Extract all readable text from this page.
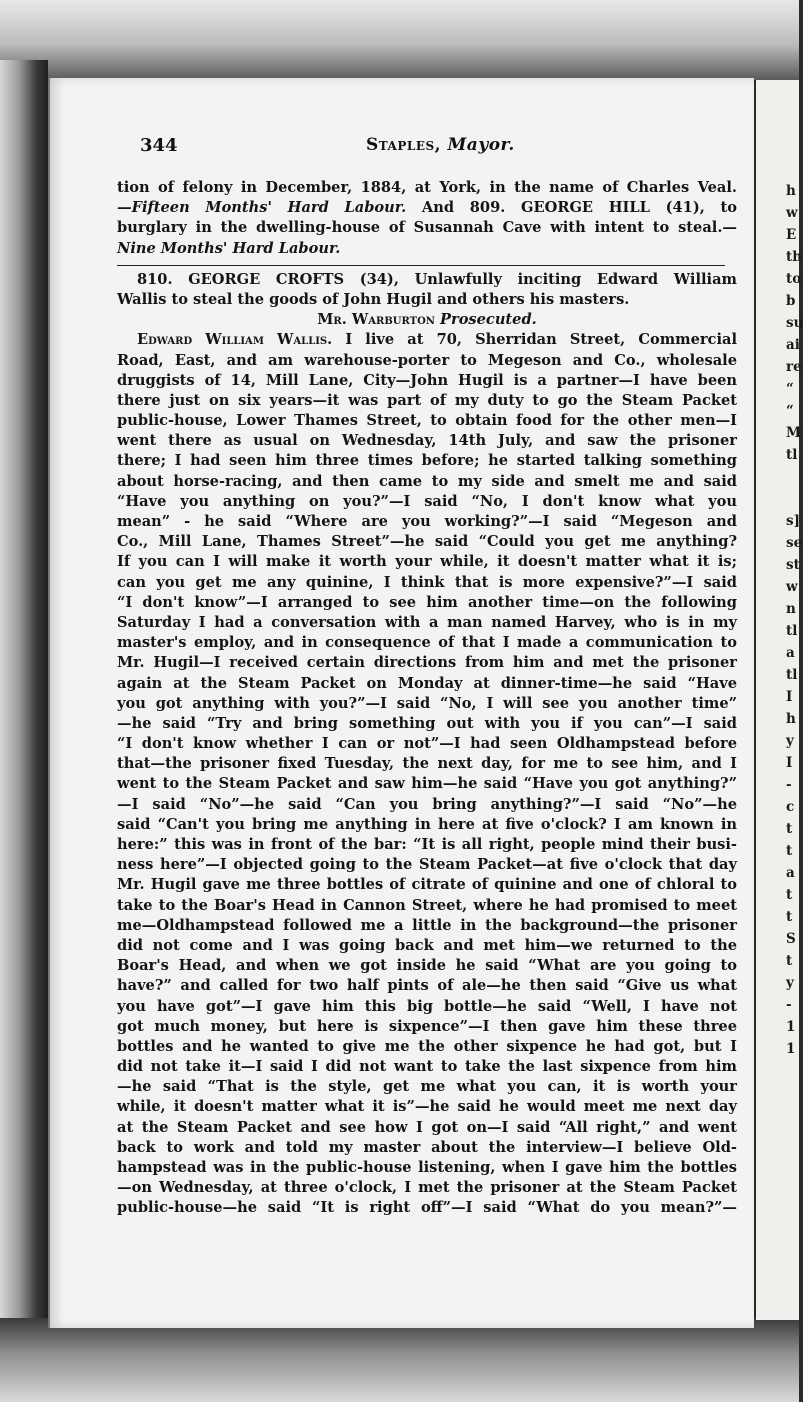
h
w
E
th
to
b
su
ai
re
“
“
M
tl
s]
se
st
w
n
tl
a
tl
I
h
y
I
-
c
t
t
a
t
t
S
t
y
-
1
1
344	Staples, Mayor.
tion of felony in December, 1884, at York, in the name of Charles Veal.
—Fifteen Months' Hard Labour. And 809. GEORGE HILL (41), to
burglary in the dwelling-house of Susannah Cave with intent to steal.—
Nine Months' Hard Labour.
810. GEORGE CROFTS (34), Unlawfully inciting Edward William
Wallis to steal the goods of John Hugil and others his masters.
Mr. Warburton Prosecuted.
Edward William Wallis. I live at 70, Sherridan Street, Commercial
Road, East, and am warehouse-porter to Megeson and Co., wholesale
druggists of 14, Mill Lane, City—John Hugil is a partner—I have been
there just on six years—it was part of my duty to go the Steam Packet
public-house, Lower Thames Street, to obtain food for the other men—I
went there as usual on Wednesday, 14th July, and saw the prisoner
there; I had seen him three times before; he started talking something
about horse-racing, and then came to my side and smelt me and said
“Have you anything on you?”—I said “No, I don't know what you
mean” - he said “Where are you working?”—I said “Megeson and
Co., Mill Lane, Thames Street”—he said “Could you get me anything?
If you can I will make it worth your while, it doesn't matter what it is;
can you get me any quinine, I think that is more expensive?”—I said
“I don't know”—I arranged to see him another time—on the following
Saturday I had a conversation with a man named Harvey, who is in my
master's employ, and in consequence of that I made a communication to
Mr. Hugil—I received certain directions from him and met the prisoner
again at the Steam Packet on Monday at dinner-time—he said “Have
you got anything with you?”—I said “No, I will see you another time”
—he said “Try and bring something out with you if you can”—I said
“I don't know whether I can or not”—I had seen Oldhampstead before
that—the prisoner fixed Tuesday, the next day, for me to see him, and I
went to the Steam Packet and saw him—he said “Have you got anything?”
—I said “No”—he said “Can you bring anything?”—I said “No”—he
said “Can't you bring me anything in here at five o'clock? I am known in
here:” this was in front of the bar: “It is all right, people mind their busi-
ness here”—I objected going to the Steam Packet—at five o'clock that day
Mr. Hugil gave me three bottles of citrate of quinine and one of chloral to
take to the Boar's Head in Cannon Street, where he had promised to meet
me—Oldhampstead followed me a little in the background—the prisoner
did not come and I was going back and met him—we returned to the
Boar's Head, and when we got inside he said “What are you going to
have?” and called for two half pints of ale—he then said “Give us what
you have got”—I gave him this big bottle—he said “Well, I have not
got much money, but here is sixpence”—I then gave him these three
bottles and he wanted to give me the other sixpence he had got, but I
did not take it—I said I did not want to take the last sixpence from him
—he said “That is the style, get me what you can, it is worth your
while, it doesn't matter what it is”—he said he would meet me next day
at the Steam Packet and see how I got on—I said “All right,” and went
back to work and told my master about the interview—I believe Old-
hampstead was in the public-house listening, when I gave him the bottles
—on Wednesday, at three o'clock, I met the prisoner at the Steam Packet
public-house—he said “It is right off”—I said “What do you mean?”—
